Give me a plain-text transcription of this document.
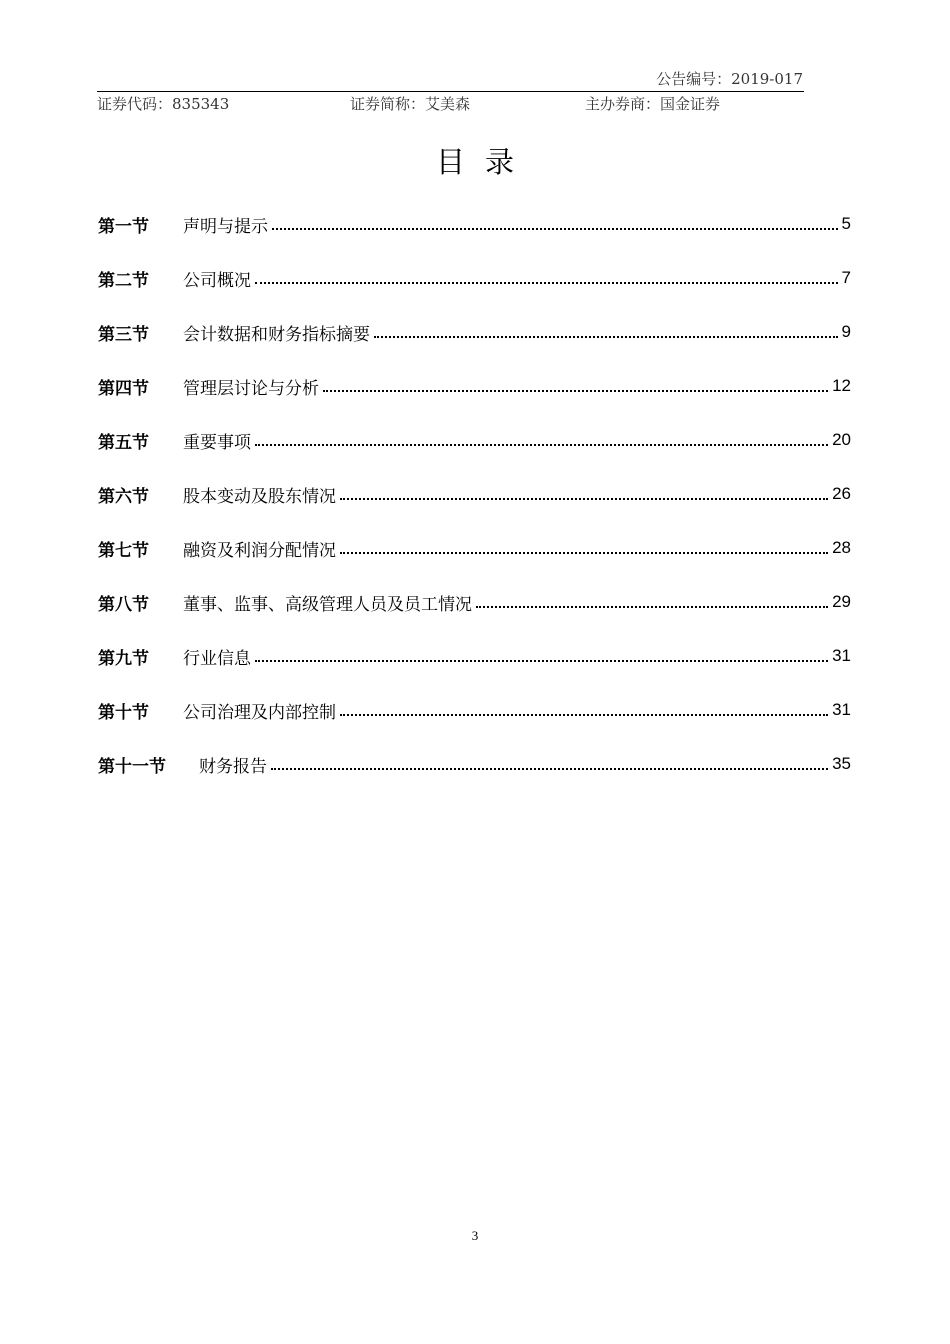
公告编号：2019-017
证券代码：835343	证券简称：艾美森	主办券商：国金证券
目录
第一节	声明与提示	5
第二节	公司概况	7
第三节	会计数据和财务指标摘要	9
第四节	管理层讨论与分析	12
第五节	重要事项	20
第六节	股本变动及股东情况	26
第七节	融资及利润分配情况	28
第八节	董事、监事、高级管理人员及员工情况	29
第九节	行业信息	31
第十节	公司治理及内部控制	31
第十一节	财务报告	35
3
